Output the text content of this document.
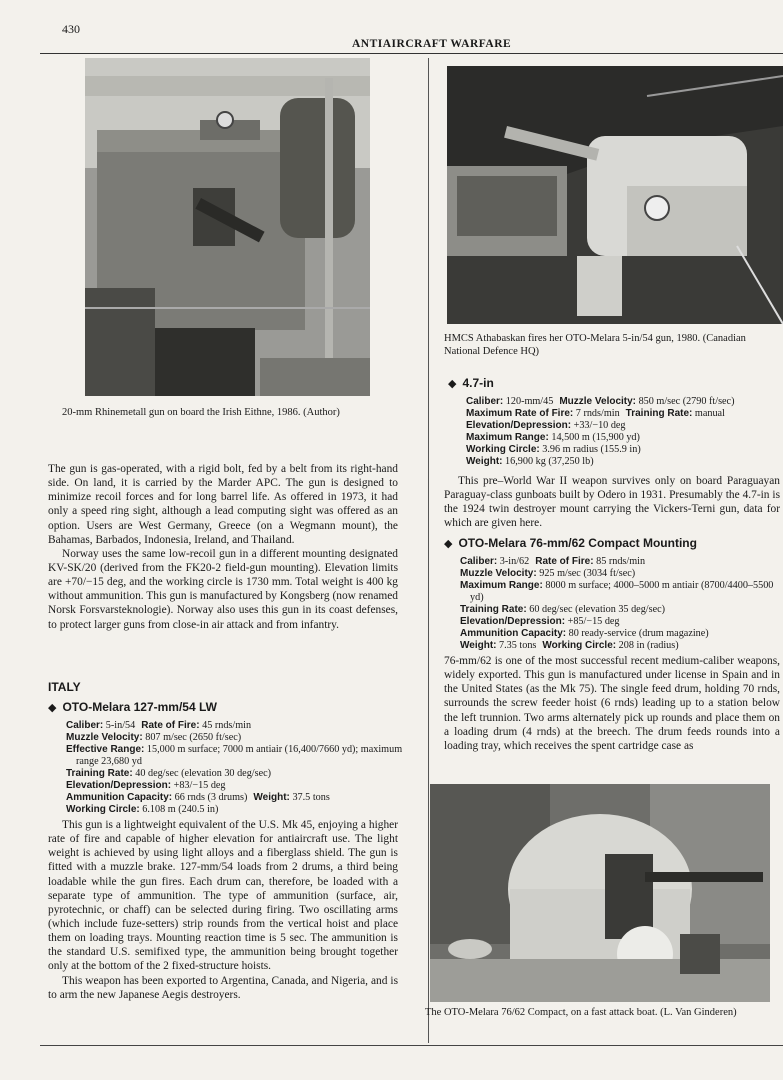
430
ANTIAIRCRAFT WARFARE
20-mm Rhinemetall gun on board the Irish Eithne, 1986. (Author)

The gun is gas-operated, with a rigid bolt, fed by a belt from its right-hand side. On land, it is carried by the Marder APC. The gun is designed to minimize recoil forces and for long barrel life. As offered in 1973, it had only a speed ring sight, although a lead computing sight was offered as an option. Users are West Germany, Greece (on a Wegmann mount), the Bahamas, Barbados, Indonesia, Ireland, and Thailand.

Norway uses the same low-recoil gun in a different mounting designated KV-SK/20 (derived from the FK20-2 field-gun mounting). Elevation limits are +70/−15 deg, and the working circle is 1730 mm. Total weight is 400 kg without ammunition. This gun is manufactured by Kongsberg (now renamed Norsk Forsvarsteknologie). Norway also uses this gun in its coast defenses, to protect larger guns from close-in air attack and from infantry.

ITALY
◆ OTO-Melara 127-mm/54 LW
Caliber: 5-in/54 Rate of Fire: 45 rnds/min
Muzzle Velocity: 807 m/sec (2650 ft/sec)
Effective Range: 15,000 m surface; 7000 m antiair (16,400/7660 yd); maximum range 23,680 yd
Training Rate: 40 deg/sec (elevation 30 deg/sec)
Elevation/Depression: +83/−15 deg
Ammunition Capacity: 66 rnds (3 drums) Weight: 37.5 tons
Working Circle: 6.108 m (240.5 in)

This gun is a lightweight equivalent of the U.S. Mk 45, enjoying a higher rate of fire and capable of higher elevation for antiaircraft use. The light weight is achieved by using light alloys and a fiberglass shield. The gun is fitted with a muzzle brake. 127-mm/54 loads from 2 drums, a third being loadable while the gun fires. Each drum can, therefore, be loaded with a separate type of ammunition. The type of ammunition (surface, air, pyrotechnic, or chaff) can be selected during firing. Two oscillating arms (which include fuze-setters) strip rounds from the vertical hoist and place them on loading trays. Mounting reaction time is 5 sec. The ammunition is the standard U.S. semifixed type, the ammunition being brought together only at the bottom of the 2 fixed-structure hoists.

This weapon has been exported to Argentina, Canada, and Nigeria, and is to arm the new Japanese Aegis destroyers.

HMCS Athabaskan fires her OTO-Melara 5-in/54 gun, 1980. (Canadian National Defence HQ)
◆ 4.7-in
Caliber: 120-mm/45 Muzzle Velocity: 850 m/sec (2790 ft/sec)
Maximum Rate of Fire: 7 rnds/min Training Rate: manual
Elevation/Depression: +33/−10 deg
Maximum Range: 14,500 m (15,900 yd)
Working Circle: 3.96 m radius (155.9 in)
Weight: 16,900 kg (37,250 lb)

This pre–World War II weapon survives only on board Paraguayan Paraguay-class gunboats built by Odero in 1931. Presumably the 4.7-in is the 1924 twin destroyer mount carrying the Vickers-Terni gun, data for which are given here.

◆ OTO-Melara 76-mm/62 Compact Mounting
Caliber: 3-in/62 Rate of Fire: 85 rnds/min
Muzzle Velocity: 925 m/sec (3034 ft/sec)
Maximum Range: 8000 m surface; 4000–5000 m antiair (8700/4400–5500 yd)
Training Rate: 60 deg/sec (elevation 35 deg/sec)
Elevation/Depression: +85/−15 deg
Ammunition Capacity: 80 ready-service (drum magazine)
Weight: 7.35 tons Working Circle: 208 in (radius)

76-mm/62 is one of the most successful recent medium-caliber weapons, widely exported. This gun is manufactured under license in Spain and in the United States (as the Mk 75). The single feed drum, holding 70 rnds, surrounds the screw feeder hoist (6 rnds) leading up to a station below the left trunnion. Two arms alternately pick up rounds and place them on a loading drum (4 rnds) at the breech. The drum feeds rounds into a loading tray, which receives the spent cartridge case as

The OTO-Melara 76/62 Compact, on a fast attack boat. (L. Van Ginderen)
